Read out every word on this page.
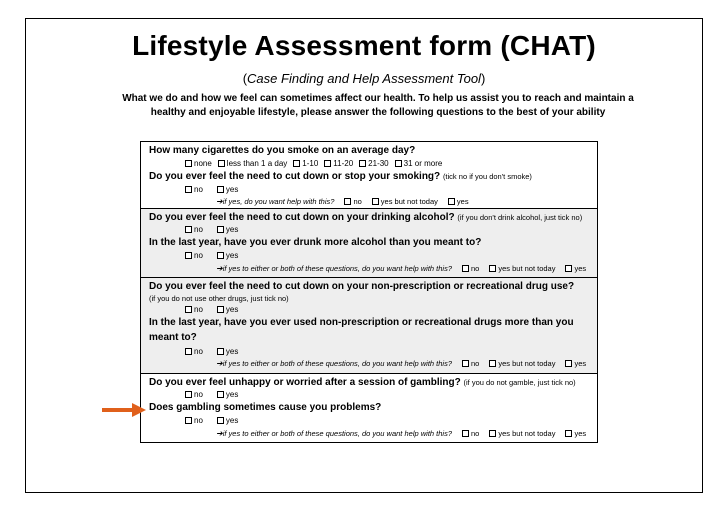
Lifestyle Assessment form (CHAT)
(Case Finding and Help Assessment Tool)
What we do and how we feel can sometimes affect our health. To help us assist you to reach and maintain a healthy and enjoyable lifestyle, please answer the following questions to the best of your ability
How many cigarettes do you smoke on an average day?
none less than 1 a day 1-10 11-20 21-30 31 or more
Do you ever feel the need to cut down or stop your smoking? (tick no if you don't smoke)
no	yes
➔if yes, do you want help with this?	no	yes but not today	yes
Do you ever feel the need to cut down on your drinking alcohol? (if you don't drink alcohol, just tick no)
no	yes
In the last year, have you ever drunk more alcohol than you meant to?
no	yes
➔if yes to either or both of these questions, do you want help with this?	no	yes but not today	yes
Do you ever feel the need to cut down on your non-prescription or recreational drug use?
(if you do not use other drugs, just tick no)
no	yes
In the last year, have you ever used non-prescription or recreational drugs more than you
meant to?
no	yes
➔if yes to either or both of these questions, do you want help with this?	no	yes but not today	yes
Do you ever feel unhappy or worried after a session of gambling? (if you do not gamble, just tick no)
no	yes
Does gambling sometimes cause you problems?
no	yes
➔if yes to either or both of these questions, do you want help with this?	no	yes but not today	yes
